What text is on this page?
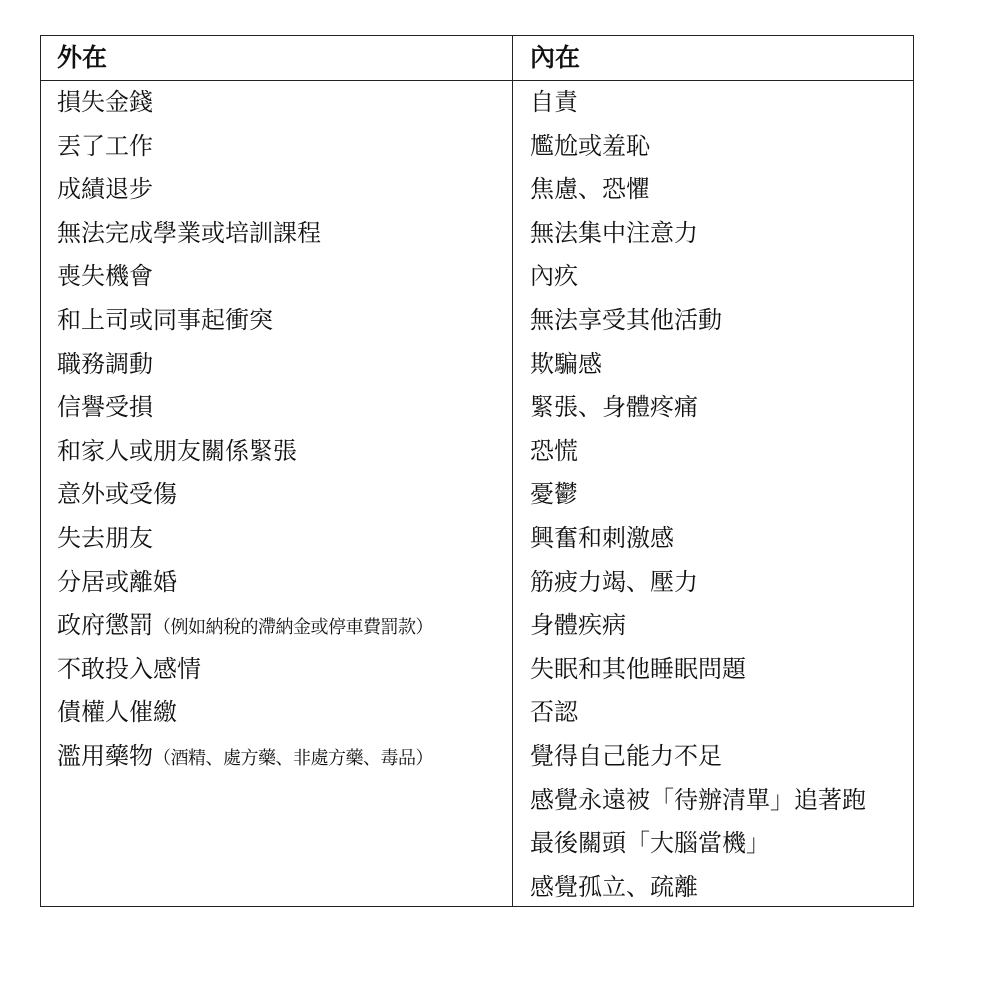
外在
損失金錢
丟了工作
成績退步
無法完成學業或培訓課程
喪失機會
和上司或同事起衝突
職務調動
信譽受損
和家人或朋友關係緊張
意外或受傷
失去朋友
分居或離婚
政府懲罰（例如納稅的滯納金或停車費罰款）
不敢投入感情
債權人催繳
濫用藥物（酒精、處方藥、非處方藥、毒品）
內在
自責
尷尬或羞恥
焦慮、恐懼
無法集中注意力
內疚
無法享受其他活動
欺騙感
緊張、身體疼痛
恐慌
憂鬱
興奮和刺激感
筋疲力竭、壓力
身體疾病
失眠和其他睡眠問題
否認
覺得自己能力不足
感覺永遠被「待辦清單」追著跑
最後關頭「大腦當機」
感覺孤立、疏離
